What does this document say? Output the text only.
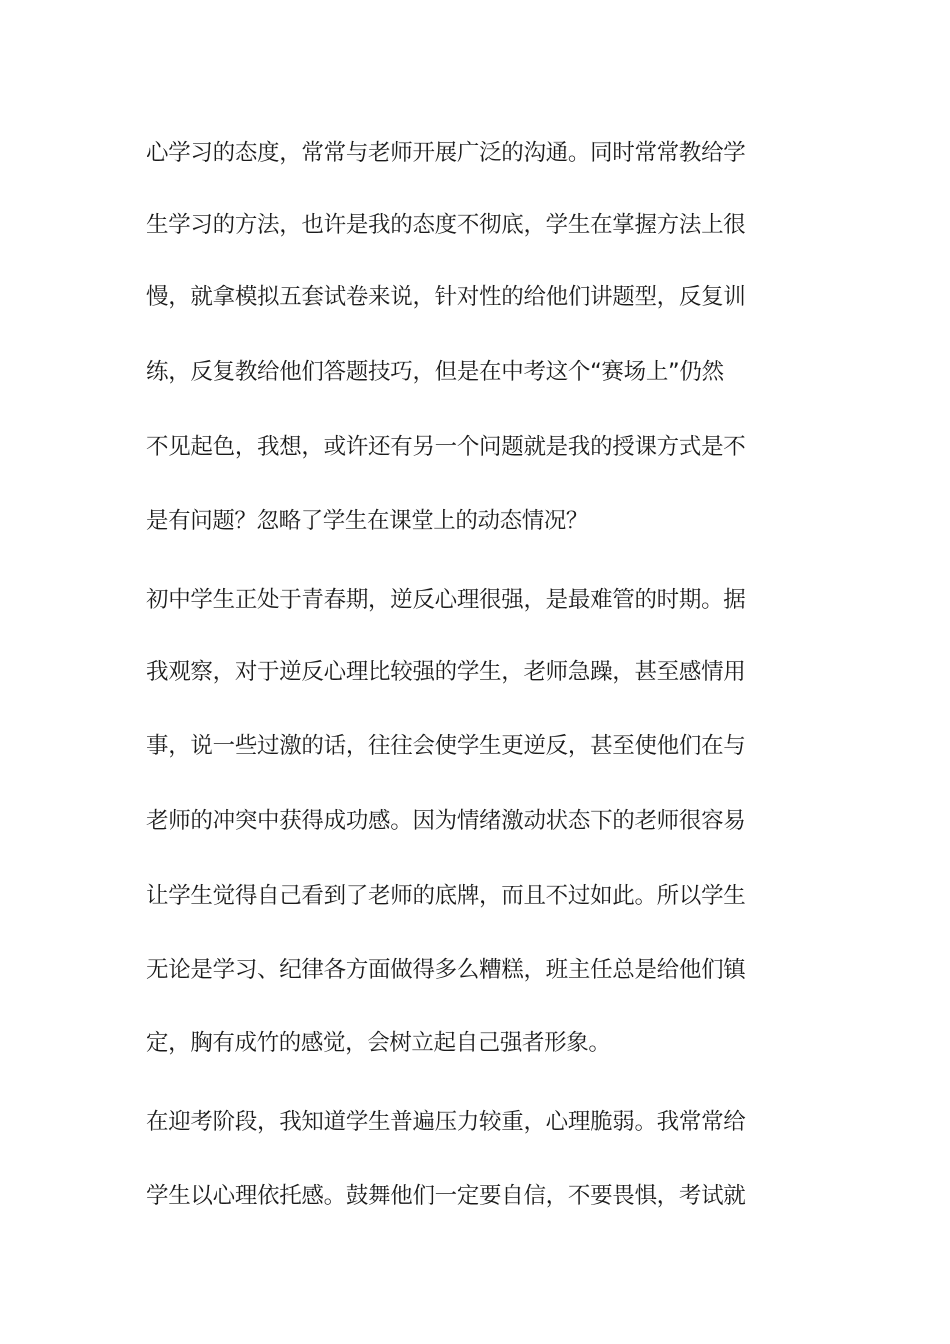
心学习的态度，常常与老师开展广泛的沟通。同时常常教给学

生学习的方法，也许是我的态度不彻底，学生在掌握方法上很

慢，就拿模拟五套试卷来说，针对性的给他们讲题型，反复训

练，反复教给他们答题技巧，但是在中考这个“赛场上”仍然

不见起色，我想，或许还有另一个问题就是我的授课方式是不

是有问题？忽略了学生在课堂上的动态情况？

初中学生正处于青春期，逆反心理很强，是最难管的时期。据

我观察，对于逆反心理比较强的学生，老师急躁，甚至感情用

事，说一些过激的话，往往会使学生更逆反，甚至使他们在与

老师的冲突中获得成功感。因为情绪激动状态下的老师很容易

让学生觉得自己看到了老师的底牌，而且不过如此。所以学生

无论是学习、纪律各方面做得多么糟糕，班主任总是给他们镇

定，胸有成竹的感觉，会树立起自己强者形象。

在迎考阶段，我知道学生普遍压力较重，心理脆弱。我常常给

学生以心理依托感。鼓舞他们一定要自信，不要畏惧，考试就
